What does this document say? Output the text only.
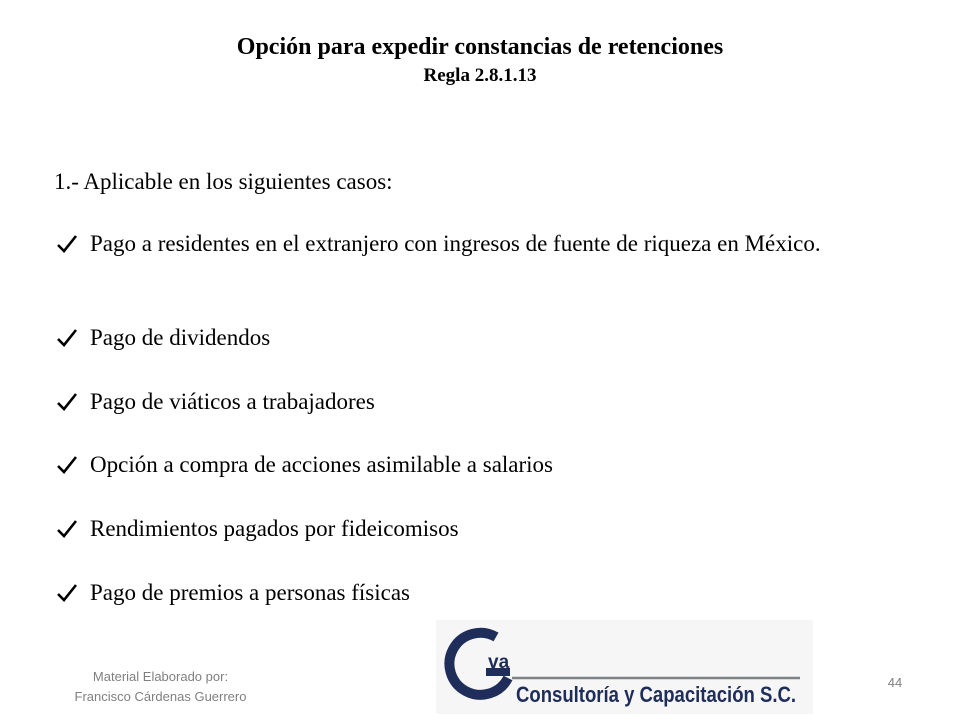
Opción para expedir constancias de retenciones
Regla 2.8.1.13
1.- Aplicable en los siguientes casos:
Pago a residentes en el extranjero con ingresos de fuente de riqueza en México.
Pago de dividendos
Pago de viáticos a trabajadores
Opción a compra de acciones asimilable a salarios
Rendimientos pagados por fideicomisos
Pago de premios a personas físicas
Material Elaborado por:
Francisco Cárdenas Guerrero
va
Consultoría y Capacitación S.C.	44
